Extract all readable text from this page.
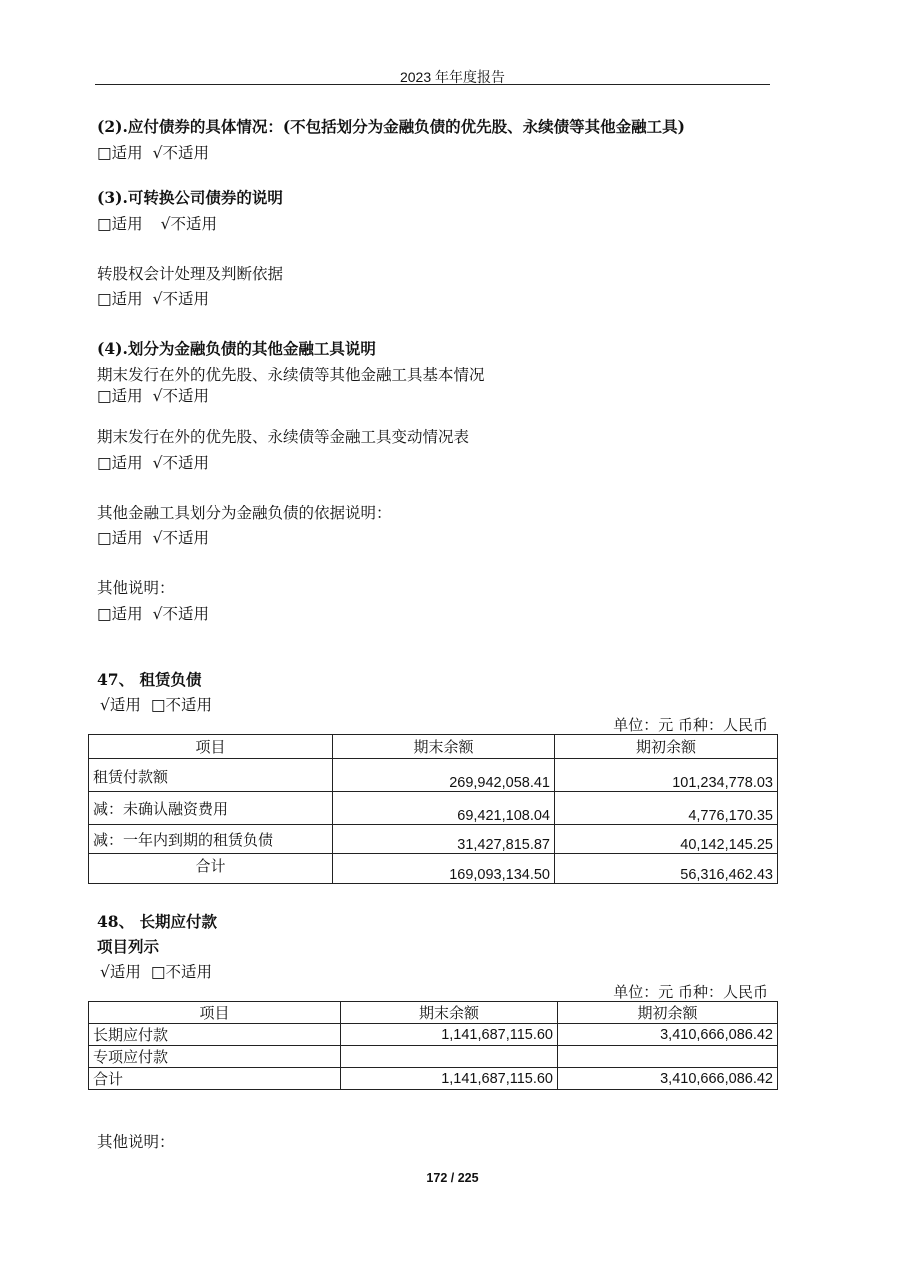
2023 年年度报告
(2).应付债券的具体情况：(不包括划分为金融负债的优先股、永续债等其他金融工具)
□适用 √不适用
(3).可转换公司债券的说明
□适用 √不适用
转股权会计处理及判断依据
□适用 √不适用
(4).划分为金融负债的其他金融工具说明
期末发行在外的优先股、永续债等其他金融工具基本情况
□适用 √不适用
期末发行在外的优先股、永续债等金融工具变动情况表
□适用 √不适用
其他金融工具划分为金融负债的依据说明：
□适用 √不适用
其他说明：
□适用 √不适用
47、 租赁负债
√适用 □不适用
单位：元 币种：人民币
项目	期末余额	期初余额
租赁付款额	269,942,058.41	101,234,778.03
减：未确认融资费用	69,421,108.04	4,776,170.35
减：一年内到期的租赁负债	31,427,815.87	40,142,145.25
合计	169,093,134.50	56,316,462.43
48、 长期应付款
项目列示
√适用 □不适用
单位：元 币种：人民币
项目	期末余额	期初余额
长期应付款	1,141,687,115.60	3,410,666,086.42
专项应付款		
合计	1,141,687,115.60	3,410,666,086.42
其他说明：
172 / 225
